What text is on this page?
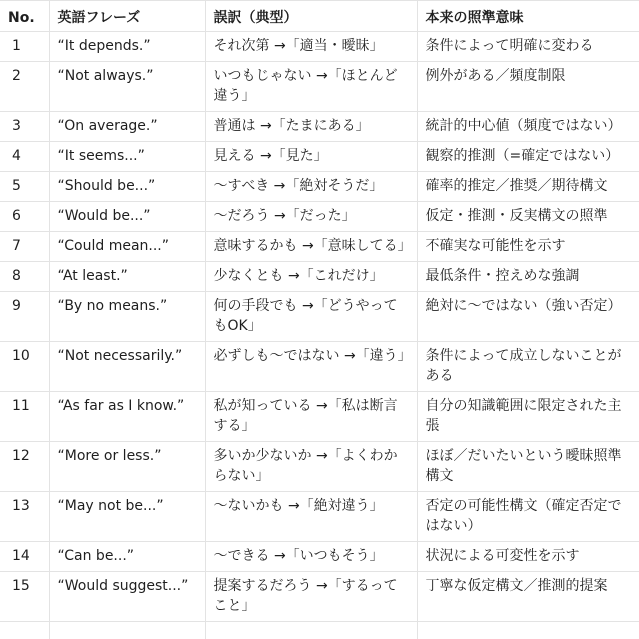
No.	英語フレーズ	誤訳（典型）	本来の照準意味
1	“It depends.”	それ次第 →「適当・曖昧」	条件によって明確に変わる
2	“Not always.”	いつもじゃない →「ほとんど違う」	例外がある／頻度制限
3	“On average.”	普通は →「たまにある」	統計的中心値（頻度ではない）
4	“It seems...”	見える →「見た」	観察的推測（=確定ではない）
5	“Should be...”	〜すべき →「絶対そうだ」	確率的推定／推奨／期待構文
6	“Would be...”	〜だろう →「だった」	仮定・推測・反実構文の照準
7	“Could mean...”	意味するかも →「意味してる」	不確実な可能性を示す
8	“At least.”	少なくとも →「これだけ」	最低条件・控えめな強調
9	“By no means.”	何の手段でも →「どうやってもOK」	絶対に〜ではない（強い否定）
10	“Not necessarily.”	必ずしも〜ではない →「違う」	条件によって成立しないことがある
11	“As far as I know.”	私が知っている →「私は断言する」	自分の知識範囲に限定された主張
12	“More or less.”	多いか少ないか →「よくわからない」	ほぼ／だいたいという曖昧照準構文
13	“May not be...”	〜ないかも →「絶対違う」	否定の可能性構文（確定否定ではない）
14	“Can be...”	〜できる →「いつもそう」	状況による可変性を示す
15	“Would suggest...”	提案するだろう →「するってこと」	丁寧な仮定構文／推測的提案
